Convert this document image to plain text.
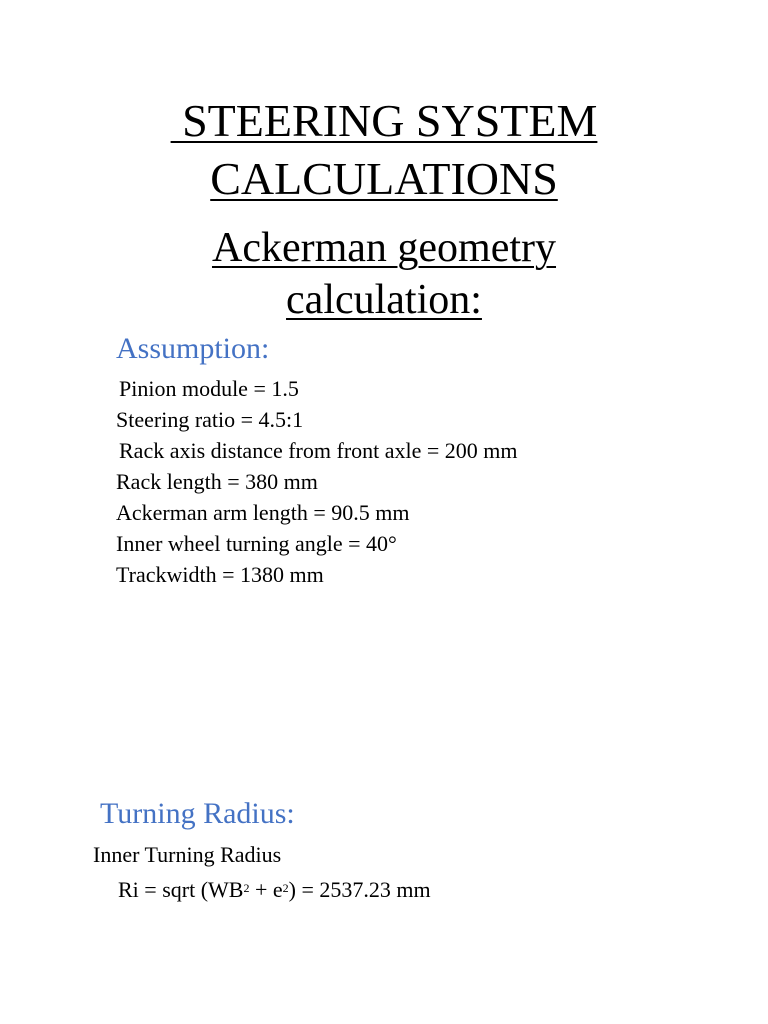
STEERING SYSTEM
CALCULATIONS
Ackerman geometry
calculation:
Assumption:

Pinion module = 1.5

Steering ratio = 4.5:1

Rack axis distance from front axle = 200 mm

Rack length = 380 mm

Ackerman arm length = 90.5 mm

Inner wheel turning angle = 40°

Trackwidth = 1380 mm

Turning Radius:

Inner Turning Radius

Ri = sqrt $(WB^2 + e^2) = 2537.23$ mm
